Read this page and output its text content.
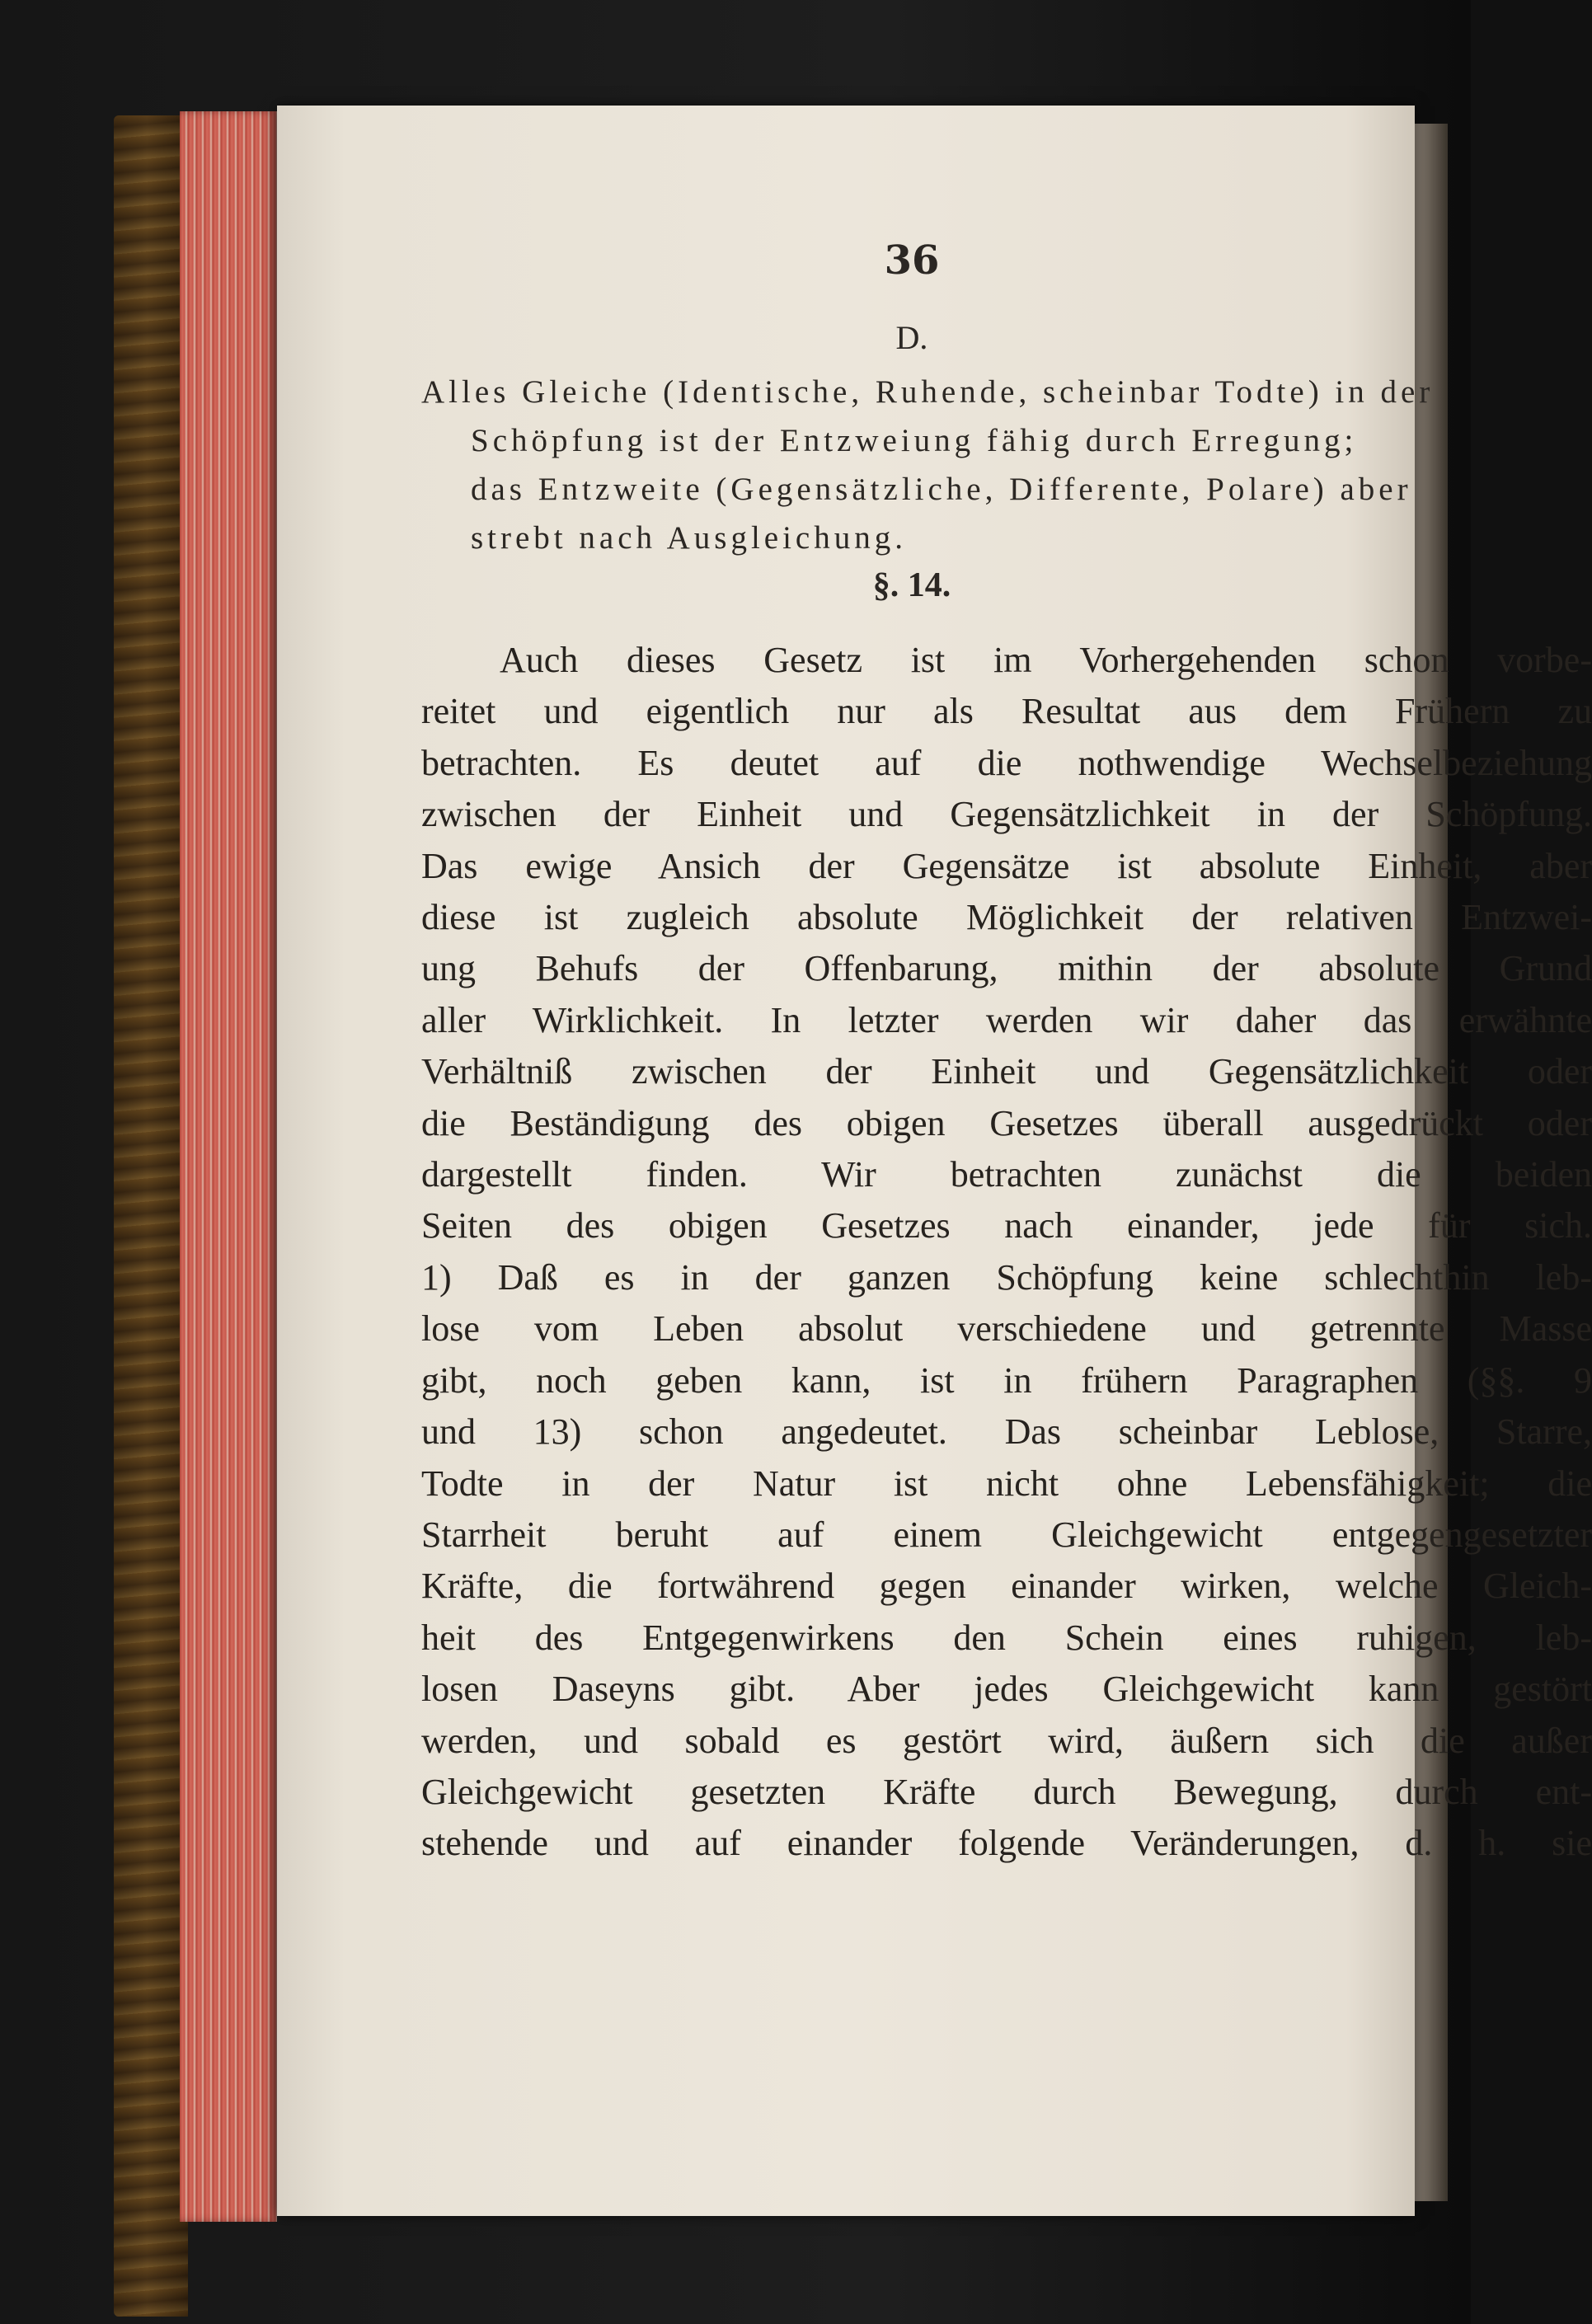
36
D.
Alles Gleiche (Identische, Ruhende, scheinbar Todte) in der
Schöpfung ist der Entzweiung fähig durch Erregung;
das Entzweite (Gegensätzliche, Differente, Polare) aber
strebt nach Ausgleichung.
§. 14.
Auch dieses Gesetz ist im Vorhergehenden schon vorbe-
reitet und eigentlich nur als Resultat aus dem Frühern zu
betrachten. Es deutet auf die nothwendige Wechselbeziehung
zwischen der Einheit und Gegensätzlichkeit in der Schöpfung.
Das ewige Ansich der Gegensätze ist absolute Einheit, aber
diese ist zugleich absolute Möglichkeit der relativen Entzwei-
ung Behufs der Offenbarung, mithin der absolute Grund
aller Wirklichkeit. In letzter werden wir daher das erwähnte
Verhältniß zwischen der Einheit und Gegensätzlichkeit oder
die Beständigung des obigen Gesetzes überall ausgedrückt oder
dargestellt finden. Wir betrachten zunächst die beiden
Seiten des obigen Gesetzes nach einander, jede für sich.
1) Daß es in der ganzen Schöpfung keine schlechthin leb-
lose vom Leben absolut verschiedene und getrennte Masse
gibt, noch geben kann, ist in frühern Paragraphen (§§. 9
und 13) schon angedeutet. Das scheinbar Leblose, Starre,
Todte in der Natur ist nicht ohne Lebensfähigkeit; die
Starrheit beruht auf einem Gleichgewicht entgegengesetzter
Kräfte, die fortwährend gegen einander wirken, welche Gleich-
heit des Entgegenwirkens den Schein eines ruhigen, leb-
losen Daseyns gibt. Aber jedes Gleichgewicht kann gestört
werden, und sobald es gestört wird, äußern sich die außer
Gleichgewicht gesetzten Kräfte durch Bewegung, durch ent-
stehende und auf einander folgende Veränderungen, d. h. sie
